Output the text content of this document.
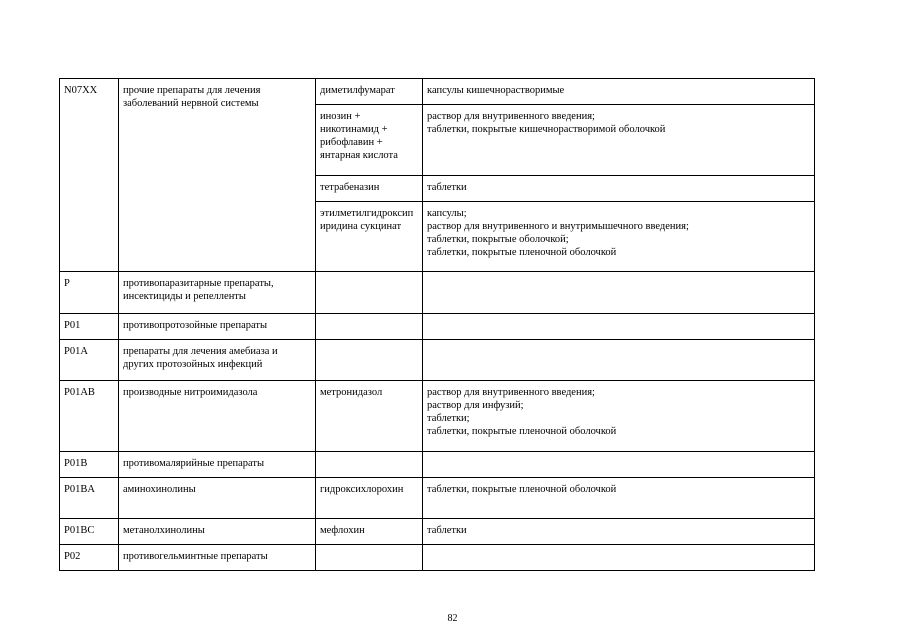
N07XX	прочие препараты для лечения заболеваний нервной системы	диметилфумарат	капсулы кишечнорастворимые

		инозин + никотинамид + рибофлавин + янтарная кислота	раствор для внутривенного введения;
таблетки, покрытые кишечнорастворимой оболочкой

		тетрабеназин	таблетки

		этилметилгидроксипиридина сукцинат	капсулы;
раствор для внутривенного и внутримышечного введения;
таблетки, покрытые оболочкой;
таблетки, покрытые пленочной оболочкой

P	противопаразитарные препараты, инсектициды и репелленты		
P01	противопротозойные препараты		
P01A	препараты для лечения амебиаза и других протозойных инфекций		
P01AB	производные нитроимидазола	метронидазол	раствор для внутривенного введения;
раствор для инфузий;
таблетки;
таблетки, покрытые пленочной оболочкой

P01B	противомалярийные препараты		
P01BA	аминохинолины	гидроксихлорохин	таблетки, покрытые пленочной оболочкой

P01BC	метанолхинолины	мефлохин	таблетки

P02	противогельминтные препараты		
82
